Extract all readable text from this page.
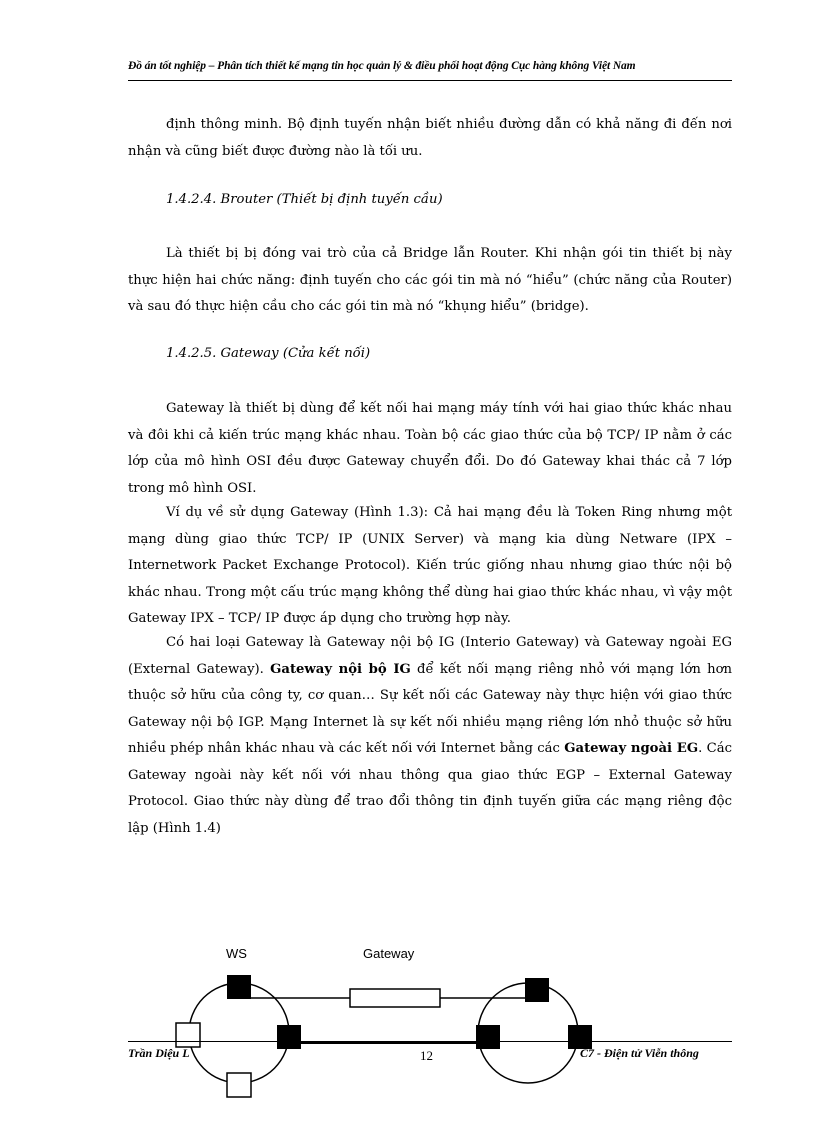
Đồ án tốt nghiệp – Phân tích thiết kế mạng tin học quản lý & điều phối hoạt động Cục hàng không Việt Nam

định thông minh. Bộ định tuyến nhận biết nhiều đường dẫn có khả năng đi đến nơi nhận và cũng biết được đường nào là tối ưu.

1.4.2.4. Brouter (Thiết bị định tuyến cầu)

Là thiết bị bị đóng vai trò của cả Bridge lẫn Router. Khi nhận gói tin thiết bị này thực hiện hai chức năng: định tuyến cho các gói tin mà nó “hiểu” (chức năng của Router) và sau đó thực hiện cầu cho các gói tin mà nó “khụng hiểu” (bridge).

1.4.2.5. Gateway (Cửa kết nối)

Gateway là thiết bị dùng để kết nối hai mạng máy tính với hai giao thức khác nhau và đôi khi cả kiến trúc mạng khác nhau. Toàn bộ các giao thức của bộ TCP/ IP nằm ở các lớp của mô hình OSI đều được Gateway chuyển đổi. Do đó Gateway khai thác cả 7 lớp trong mô hình OSI.

Ví dụ về sử dụng Gateway (Hình 1.3): Cả hai mạng đều là Token Ring nhưng một mạng dùng giao thức TCP/ IP (UNIX Server) và mạng kia dùng Netware (IPX – Internetwork Packet Exchange Protocol). Kiến trúc giống nhau nhưng giao thức nội bộ khác nhau. Trong một cấu trúc mạng không thể dùng hai giao thức khác nhau, vì vậy một Gateway IPX – TCP/ IP được áp dụng cho trường hợp này.

Có hai loại Gateway là Gateway nội bộ IG (Interio Gateway) và Gateway ngoài EG (External Gateway). Gateway nội bộ IG để kết nối mạng riêng nhỏ với mạng lớn hơn thuộc sở hữu của công ty, cơ quan… Sự kết nối các Gateway này thực hiện với giao thức Gateway nội bộ IGP. Mạng Internet là sự kết nối nhiều mạng riêng lớn nhỏ thuộc sở hữu nhiều phép nhân khác nhau và các kết nối với Internet bằng các Gateway ngoài EG. Các Gateway ngoài này kết nối với nhau thông qua giao thức EGP – External Gateway Protocol. Giao thức này dùng để trao đổi thông tin định tuyến giữa các mạng riêng độc lập (Hình 1.4)

WS	Gateway
Trần Diệu L	12	C7 - Điện tử Viễn thông
